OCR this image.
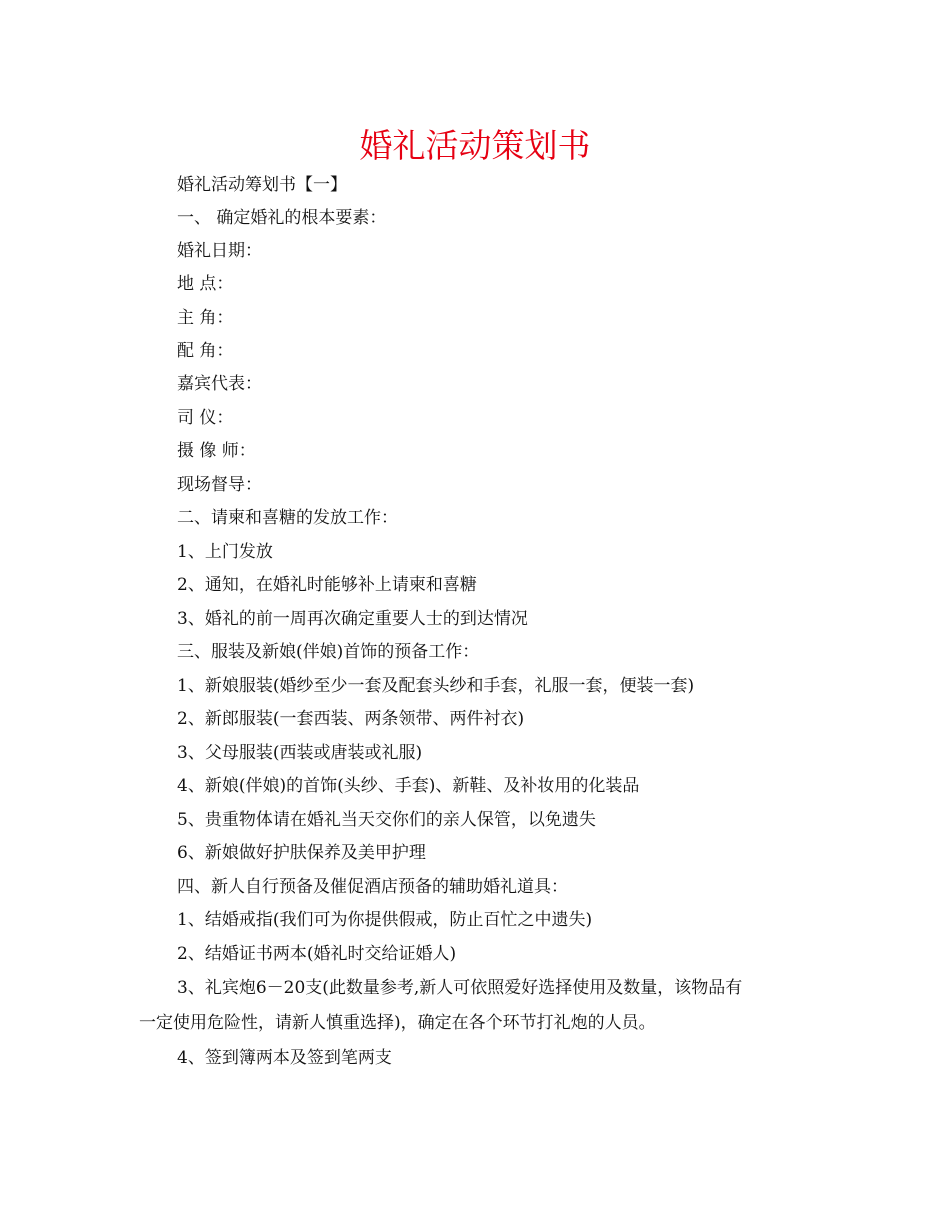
婚礼活动策划书
婚礼活动筹划书【一】
一、 确定婚礼的根本要素：
婚礼日期：
地 点：
主 角：
配 角：
嘉宾代表：
司 仪：
摄 像 师：
现场督导：
二、请柬和喜糖的发放工作：
1、上门发放
2、通知，在婚礼时能够补上请柬和喜糖
3、婚礼的前一周再次确定重要人士的到达情况
三、服装及新娘(伴娘)首饰的预备工作：
1、新娘服装(婚纱至少一套及配套头纱和手套，礼服一套，便装一套)
2、新郎服装(一套西装、两条领带、两件衬衣)
3、父母服装(西装或唐装或礼服)
4、新娘(伴娘)的首饰(头纱、手套)、新鞋、及补妆用的化装品
5、贵重物体请在婚礼当天交你们的亲人保管，以免遗失
6、新娘做好护肤保养及美甲护理
四、新人自行预备及催促酒店预备的辅助婚礼道具：
1、结婚戒指(我们可为你提供假戒，防止百忙之中遗失)
2、结婚证书两本(婚礼时交给证婚人)
3、礼宾炮6－20支(此数量参考,新人可依照爱好选择使用及数量，该物品有
一定使用危险性，请新人慎重选择)，确定在各个环节打礼炮的人员。
4、签到簿两本及签到笔两支
